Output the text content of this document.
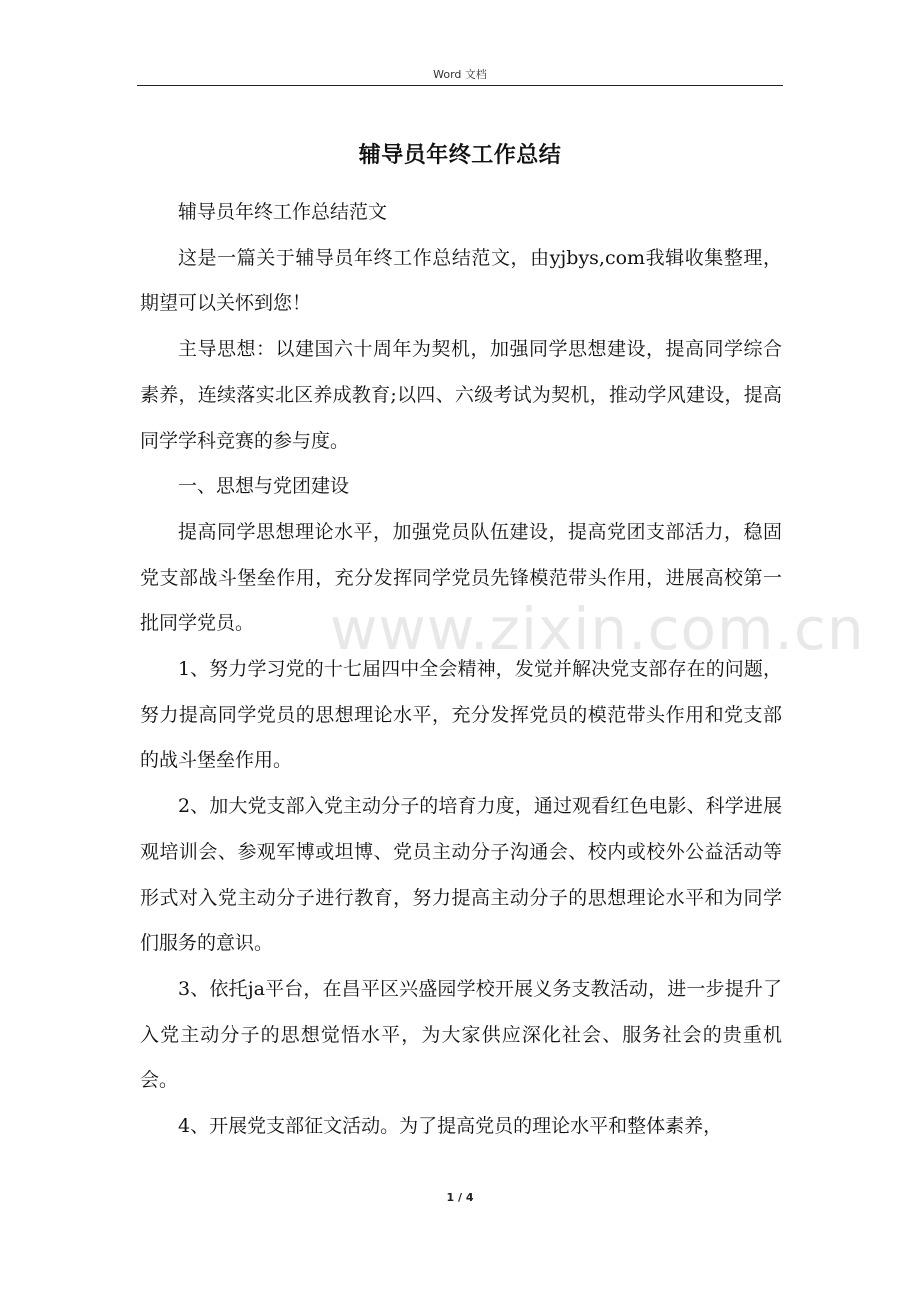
Word 文档
辅导员年终工作总结

辅导员年终工作总结范文

这是一篇关于辅导员年终工作总结范文，由yjbys,com我辑收集整理，期望可以关怀到您！

主导思想：以建国六十周年为契机，加强同学思想建设，提高同学综合素养，连续落实北区养成教育;以四、六级考试为契机，推动学风建设，提高同学学科竞赛的参与度。

一、思想与党团建设

提高同学思想理论水平，加强党员队伍建设，提高党团支部活力，稳固党支部战斗堡垒作用，充分发挥同学党员先锋模范带头作用，进展高校第一批同学党员。

1、努力学习党的十七届四中全会精神，发觉并解决党支部存在的问题，努力提高同学党员的思想理论水平，充分发挥党员的模范带头作用和党支部的战斗堡垒作用。

2、加大党支部入党主动分子的培育力度，通过观看红色电影、科学进展观培训会、参观军博或坦博、党员主动分子沟通会、校内或校外公益活动等形式对入党主动分子进行教育，努力提高主动分子的思想理论水平和为同学们服务的意识。

3、依托ja平台，在昌平区兴盛园学校开展义务支教活动，进一步提升了入党主动分子的思想觉悟水平，为大家供应深化社会、服务社会的贵重机会。

4、开展党支部征文活动。为了提高党员的理论水平和整体素养，

www.zixin.com.cn
1 / 4
